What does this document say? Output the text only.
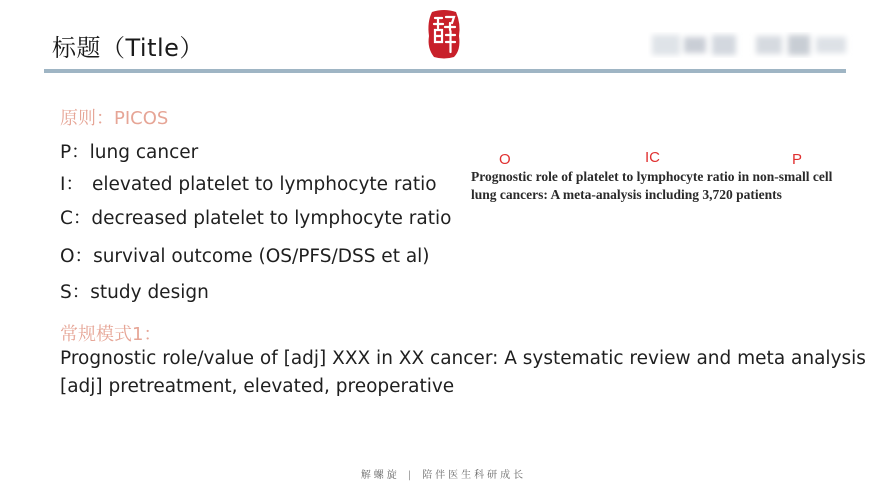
标题（Title）
原则：PICOS
P：lung cancer
I： elevated platelet to lymphocyte ratio
C：decreased platelet to lymphocyte ratio
O：survival outcome (OS/PFS/DSS et al)
S：study design
O	IC	P
Prognostic role of platelet to lymphocyte ratio in non-small cell
lung cancers: A meta-analysis including 3,720 patients
常规模式1：
Prognostic role/value of [adj] XXX in XX cancer: A systematic review and meta analysis
[adj] pretreatment, elevated, preoperative
解螺旋 | 陪伴医生科研成长
